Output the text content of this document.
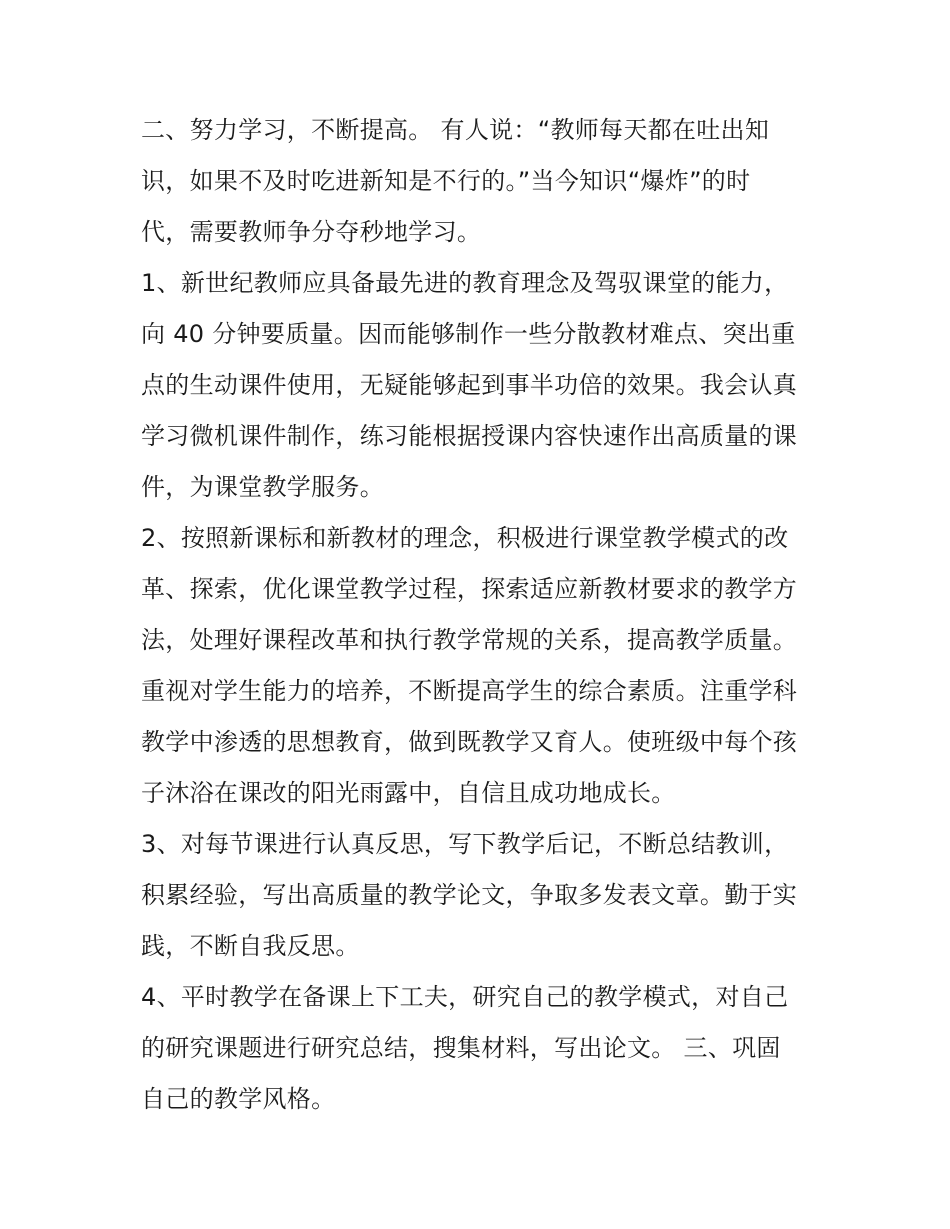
二、努力学习，不断提高。 有人说：“教师每天都在吐出知
识，如果不及时吃进新知是不行的。”当今知识“爆炸”的时
代，需要教师争分夺秒地学习。
1、新世纪教师应具备最先进的教育理念及驾驭课堂的能力，
向 40 分钟要质量。因而能够制作一些分散教材难点、突出重
点的生动课件使用，无疑能够起到事半功倍的效果。我会认真
学习微机课件制作，练习能根据授课内容快速作出高质量的课
件，为课堂教学服务。
2、按照新课标和新教材的理念，积极进行课堂教学模式的改
革、探索，优化课堂教学过程，探索适应新教材要求的教学方
法，处理好课程改革和执行教学常规的关系，提高教学质量。
重视对学生能力的培养，不断提高学生的综合素质。注重学科
教学中渗透的思想教育，做到既教学又育人。使班级中每个孩
子沐浴在课改的阳光雨露中，自信且成功地成长。
3、对每节课进行认真反思，写下教学后记，不断总结教训，
积累经验，写出高质量的教学论文，争取多发表文章。勤于实
践，不断自我反思。
4、平时教学在备课上下工夫，研究自己的教学模式，对自己
的研究课题进行研究总结，搜集材料，写出论文。 三、巩固
自己的教学风格。
